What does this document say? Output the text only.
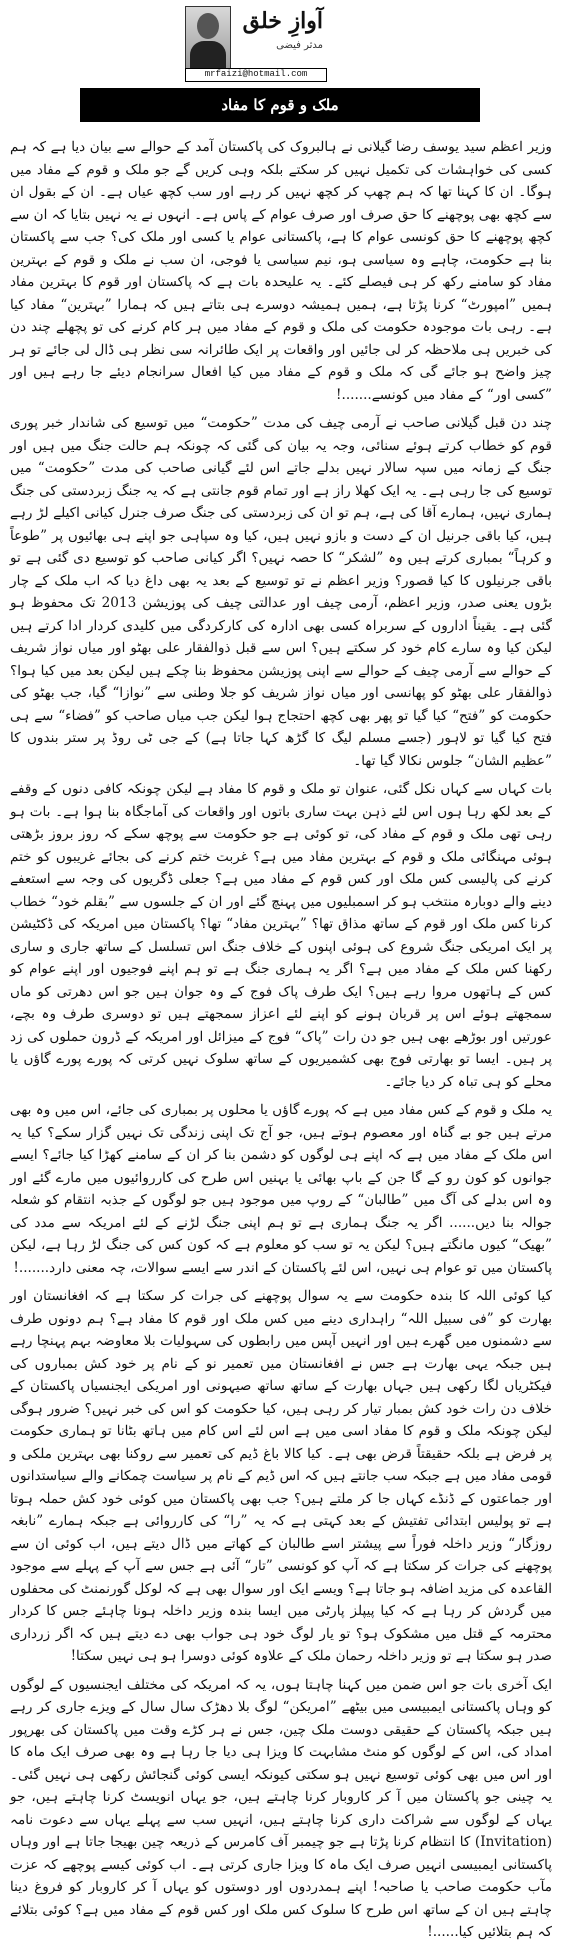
آوازِ خلق
مدثر فیضی
mrfaizi@hotmail.com
ملک و قوم کا مفاد

وزیر اعظم سید یوسف رضا گیلانی نے ہالبروک کی پاکستان آمد کے حوالے سے بیان دیا ہے کہ ہم کسی کی خواہشات کی تکمیل نہیں کر سکتے بلکہ وہی کریں گے جو ملک و قوم کے مفاد میں ہوگا۔ ان کا کہنا تھا کہ ہم چھپ کر کچھ نہیں کر رہے اور سب کچھ عیاں ہے۔ ان کے بقول ان سے کچھ بھی پوچھنے کا حق صرف اور صرف عوام کے پاس ہے۔ انہوں نے یہ نہیں بتایا کہ ان سے کچھ پوچھنے کا حق کونسی عوام کا ہے، پاکستانی عوام یا کسی اور ملک کی؟ جب سے پاکستان بنا ہے حکومت، چاہے وہ سیاسی ہو، نیم سیاسی یا فوجی، ان سب نے ملک و قوم کے بہترین مفاد کو سامنے رکھ کر ہی فیصلے کئے۔ یہ علیحدہ بات ہے کہ پاکستان اور قوم کا بہترین مفاد ہمیں ”امپورٹ“ کرنا پڑتا ہے، ہمیں ہمیشہ دوسرے ہی بتاتے ہیں کہ ہمارا ”بہترین“ مفاد کیا ہے۔ رہی بات موجودہ حکومت کی ملک و قوم کے مفاد میں ہر کام کرنے کی تو پچھلے چند دن کی خبریں ہی ملاحظہ کر لی جائیں اور واقعات پر ایک طائرانہ سی نظر ہی ڈال لی جائے تو ہر چیز واضح ہو جائے گی کہ ملک و قوم کے مفاد میں کیا افعال سرانجام دیئے جا رہے ہیں اور ”کسی اور“ کے مفاد میں کونسے.......!

چند دن قبل گیلانی صاحب نے آرمی چیف کی مدت ”حکومت“ میں توسیع کی شاندار خبر پوری قوم کو خطاب کرتے ہوئے سنائی، وجہ یہ بیان کی گئی کہ چونکہ ہم حالت جنگ میں ہیں اور جنگ کے زمانہ میں سپہ سالار نہیں بدلے جاتے اس لئے گیانی صاحب کی مدت ”حکومت“ میں توسیع کی جا رہی ہے۔ یہ ایک کھلا راز ہے اور تمام قوم جانتی ہے کہ یہ جنگ زبردستی کی جنگ ہماری نہیں، ہمارے آقا کی ہے، ہم تو ان کی زبردستی کی جنگ صرف جنرل کیانی اکیلے لڑ رہے ہیں، کیا باقی جرنیل ان کے دست و بازو نہیں ہیں، کیا وہ سپاہی جو اپنے ہی بھائیوں پر ”طوعاً و کرہاً“ بمباری کرتے ہیں وہ ”لشکر“ کا حصہ نہیں؟ اگر کیانی صاحب کو توسیع دی گئی ہے تو باقی جرنیلوں کا کیا قصور؟ وزیر اعظم نے تو توسیع کے بعد یہ بھی داغ دیا کہ اب ملک کے چار بڑوں یعنی صدر، وزیر اعظم، آرمی چیف اور عدالتی چیف کی پوزیشن 2013 تک محفوظ ہو گئی ہے۔ یقیناً اداروں کے سربراہ کسی بھی ادارہ کی کارکردگی میں کلیدی کردار ادا کرتے ہیں لیکن کیا وہ سارے کام خود کر سکتے ہیں؟ اس سے قبل ذوالفقار علی بھٹو اور میاں نواز شریف کے حوالے سے آرمی چیف کے حوالے سے اپنی پوزیشن محفوظ بنا چکے ہیں لیکن بعد میں کیا ہوا؟ ذوالفقار علی بھٹو کو پھانسی اور میاں نواز شریف کو جلا وطنی سے ”نوازا“ گیا، جب بھٹو کی حکومت کو ”فتح“ کیا گیا تو پھر بھی کچھ احتجاج ہوا لیکن جب میاں صاحب کو ”فضاء“ سے ہی فتح کیا گیا تو لاہور (جسے مسلم لیگ کا گڑھ کہا جاتا ہے) کے جی ٹی روڈ پر ستر بندوں کا ”عظیم الشان“ جلوس نکالا گیا تھا۔

بات کہاں سے کہاں نکل گئی، عنوان تو ملک و قوم کا مفاد ہے لیکن چونکہ کافی دنوں کے وقفے کے بعد لکھ رہا ہوں اس لئے ذہن بہت ساری باتوں اور واقعات کی آماجگاہ بنا ہوا ہے۔ بات ہو رہی تھی ملک و قوم کے مفاد کی، تو کوئی ہے جو حکومت سے پوچھ سکے کہ روز بروز بڑھتی ہوئی مہنگائی ملک و قوم کے بہترین مفاد میں ہے؟ غربت ختم کرنے کی بجائے غریبوں کو ختم کرنے کی پالیسی کس ملک اور کس قوم کے مفاد میں ہے؟ جعلی ڈگریوں کی وجہ سے استعفے دینے والے دوبارہ منتخب ہو کر اسمبلیوں میں پہنچ گئے اور ان کے جلسوں سے ”بقلم خود“ خطاب کرنا کس ملک اور قوم کے ساتھ مذاق تھا؟ ”بہترین مفاد“ تھا؟ پاکستان میں امریکہ کی ڈکٹیشن پر ایک امریکی جنگ شروع کی ہوئی اپنوں کے خلاف جنگ اس تسلسل کے ساتھ جاری و ساری رکھنا کس ملک کے مفاد میں ہے؟ اگر یہ ہماری جنگ ہے تو ہم اپنے فوجیوں اور اپنے عوام کو کس کے ہاتھوں مروا رہے ہیں؟ ایک طرف پاک فوج کے وہ جوان ہیں جو اس دھرتی کو ماں سمجھتے ہوئے اس پر قربان ہونے کو اپنے لئے اعزاز سمجھتے ہیں تو دوسری طرف وہ بچے، عورتیں اور بوڑھے بھی ہیں جو دن رات ”پاک“ فوج کے میزائل اور امریکہ کے ڈرون حملوں کی زد پر ہیں۔ ایسا تو بھارتی فوج بھی کشمیریوں کے ساتھ سلوک نہیں کرتی کہ پورے پورے گاؤں یا محلے کو ہی تباہ کر دیا جائے۔

یہ ملک و قوم کے کس مفاد میں ہے کہ پورے گاؤں یا محلوں پر بمباری کی جائے، اس میں وہ بھی مرتے ہیں جو بے گناہ اور معصوم ہوتے ہیں، جو آج تک اپنی زندگی تک نہیں گزار سکے؟ کیا یہ اس ملک کے مفاد میں ہے کہ اپنے ہی لوگوں کو دشمن بنا کر ان کے سامنے کھڑا کیا جائے؟ ایسے جوانوں کو کون رو کے گا جن کے باپ بھائی یا بہنیں اس طرح کی کارروائیوں میں مارے گئے اور وہ اس بدلے کی آگ میں ”طالبان“ کے روپ میں موجود ہیں جو لوگوں کے جذبہ انتقام کو شعلہ جوالہ بنا دیں...... اگر یہ جنگ ہماری ہے تو ہم اپنی جنگ لڑنے کے لئے امریکہ سے مدد کی ”بھیک“ کیوں مانگتے ہیں؟ لیکن یہ تو سب کو معلوم ہے کہ کون کس کی جنگ لڑ رہا ہے، لیکن پاکستان میں تو عوام ہی نہیں، اس لئے پاکستان کے اندر سے ایسے سوالات، چہ معنی دارد.......!

کیا کوئی اللہ کا بندہ حکومت سے یہ سوال پوچھنے کی جرات کر سکتا ہے کہ افغانستان اور بھارت کو ”فی سبیل اللہ“ راہداری دینے میں کس ملک اور قوم کا مفاد ہے؟ ہم دونوں طرف سے دشمنوں میں گھرے ہیں اور انہیں آپس میں رابطوں کی سہولیات بلا معاوضہ بہم پہنچا رہے ہیں جبکہ یہی بھارت ہے جس نے افغانستان میں تعمیر نو کے نام پر خود کش بمباروں کی فیکٹریاں لگا رکھی ہیں جہاں بھارت کے ساتھ ساتھ صیہونی اور امریکی ایجنسیاں پاکستان کے خلاف دن رات خود کش بمبار تیار کر رہی ہیں، کیا حکومت کو اس کی خبر نہیں؟ ضرور ہوگی لیکن چونکہ ملک و قوم کا مفاد اسی میں ہے اس لئے اس کام میں ہاتھ بٹانا تو ہماری حکومت پر فرض ہے بلکہ حقیقتاً قرض بھی ہے۔ کیا کالا باغ ڈیم کی تعمیر سے روکنا بھی بہترین ملکی و قومی مفاد میں ہے جبکہ سب جانتے ہیں کہ اس ڈیم کے نام پر سیاست چمکانے والے سیاستدانوں اور جماعتوں کے ڈنڈے کہاں جا کر ملتے ہیں؟ جب بھی پاکستان میں کوئی خود کش حملہ ہوتا ہے تو پولیس ابتدائی تفتیش کے بعد کہتی ہے کہ یہ ”را“ کی کارروائی ہے جبکہ ہمارے ”نابغہ روزگار“ وزیر داخلہ فوراً سے پیشتر اسے طالبان کے کھاتے میں ڈال دیتے ہیں، اب کوئی ان سے پوچھنے کی جرات کر سکتا ہے کہ آپ کو کونسی ”تار“ آئی ہے جس سے آپ کے پہلے سے موجود القاعدہ کی مزید اضافہ ہو جاتا ہے؟ ویسے ایک اور سوال بھی ہے کہ لوکل گورنمنٹ کی محفلوں میں گردش کر رہا ہے کہ کیا پیپلز پارٹی میں ایسا بندہ وزیر داخلہ ہونا چاہئے جس کا کردار محترمہ کے قتل میں مشکوک ہو؟ تو یار لوگ خود ہی جواب بھی دے دیتے ہیں کہ اگر زرداری صدر ہو سکتا ہے تو وزیر داخلہ رحمان ملک کے علاوہ کوئی دوسرا ہو ہی نہیں سکتا!

ایک آخری بات جو اس ضمن میں کہنا چاہتا ہوں، یہ کہ امریکہ کی مختلف ایجنسیوں کے لوگوں کو وہاں پاکستانی ایمبیسی میں بیٹھے ”امریکن“ لوگ بلا دھڑک سال سال کے ویزے جاری کر رہے ہیں جبکہ پاکستان کے حقیقی دوست ملک چین، جس نے ہر کڑے وقت میں پاکستان کی بھرپور امداد کی، اس کے لوگوں کو منٹ مشابہت کا ویزا ہی دیا جا رہا ہے وہ بھی صرف ایک ماہ کا اور اس میں بھی کوئی توسیع نہیں ہو سکتی کیونکہ ایسی کوئی گنجائش رکھی ہی نہیں گئی۔ یہ چینی جو پاکستان میں آ کر کاروبار کرنا چاہتے ہیں، جو یہاں انویسٹ کرنا چاہتے ہیں، جو یہاں کے لوگوں سے شراکت داری کرنا چاہتے ہیں، انہیں سب سے پہلے یہاں سے دعوت نامہ (Invitation) کا انتظام کرنا پڑتا ہے جو چیمبر آف کامرس کے ذریعہ چین بھیجا جاتا ہے اور وہاں پاکستانی ایمبیسی انہیں صرف ایک ماہ کا ویزا جاری کرتی ہے۔ اب کوئی کیسے پوچھے کہ عزت مآب حکومت صاحب یا صاحبہ! اپنے ہمدردوں اور دوستوں کو یہاں آ کر کاروبار کو فروغ دینا چاہتے ہیں ان کے ساتھ اس طرح کا سلوک کس ملک اور کس قوم کے مفاد میں ہے؟ کوئی بتلائے کہ ہم بتلائیں کیا......!
